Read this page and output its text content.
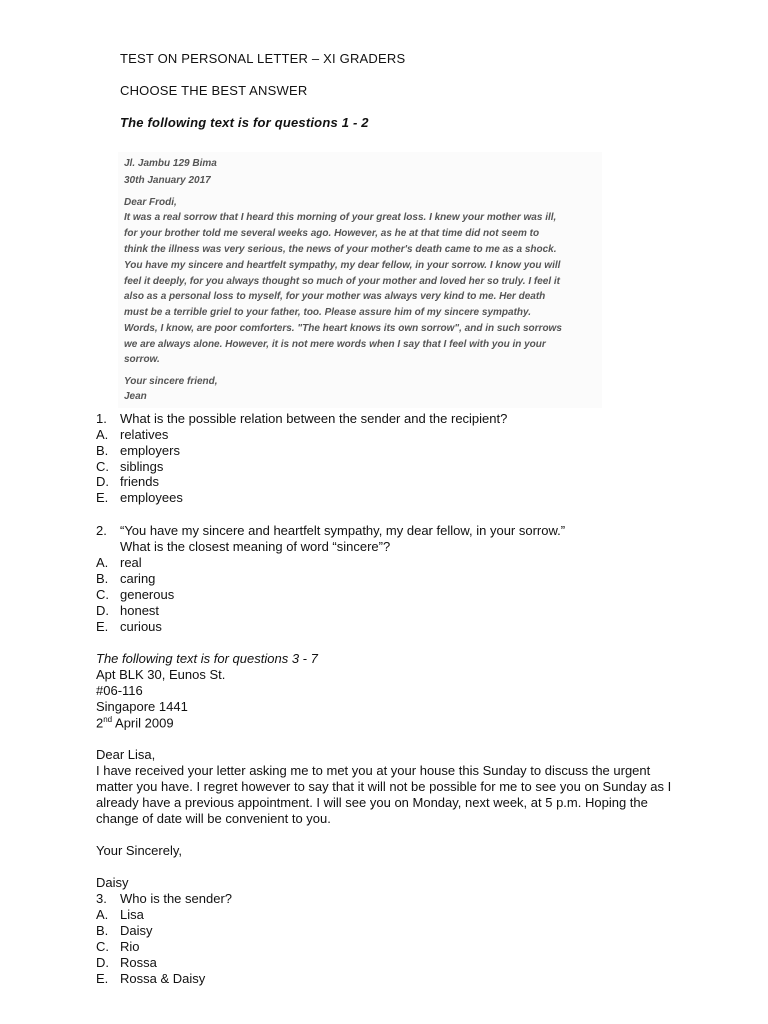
TEST ON PERSONAL LETTER – XI GRADERS
CHOOSE THE BEST ANSWER
The following text is for questions 1 - 2
Jl. Jambu 129 Bima
30th January 2017
Dear Frodi,
It was a real sorrow that I heard this morning of your great loss. I knew your mother was ill,
for your brother told me several weeks ago. However, as he at that time did not seem to
think the illness was very serious, the news of your mother's death came to me as a shock.
You have my sincere and heartfelt sympathy, my dear fellow, in your sorrow. I know you will
feel it deeply, for you always thought so much of your mother and loved her so truly. I feel it
also as a personal loss to myself, for your mother was always very kind to me. Her death
must be a terrible griel to your father, too. Please assure him of my sincere sympathy.
Words, I know, are poor comforters. "The heart knows its own sorrow", and in such sorrows
we are always alone. However, it is not mere words when I say that I feel with you in your
sorrow.
Your sincere friend,
Jean
1. What is the possible relation between the sender and the recipient?
A. relatives
B. employers
C. siblings
D. friends
E. employees
2. “You have my sincere and heartfelt sympathy, my dear fellow, in your sorrow.”
What is the closest meaning of word “sincere”?
A. real
B. caring
C. generous
D. honest
E. curious
The following text is for questions 3 - 7
Apt BLK 30, Eunos St.
#06-116
Singapore 1441
2nd April 2009
Dear Lisa,
I have received your letter asking me to met you at your house this Sunday to discuss the urgent
matter you have. I regret however to say that it will not be possible for me to see you on Sunday as I
already have a previous appointment. I will see you on Monday, next week, at 5 p.m. Hoping the
change of date will be convenient to you.
Your Sincerely,
Daisy
3. Who is the sender?
A. Lisa
B. Daisy
C. Rio
D. Rossa
E. Rossa & Daisy
